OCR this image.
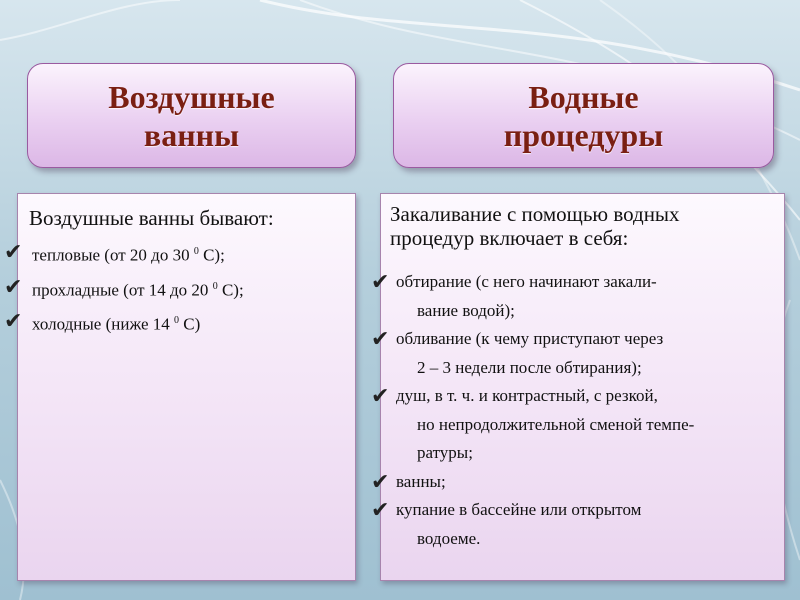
Воздушные
ванны
Водные
процедуры

Воздушные ванны бывают:

✔ тепловые (от 20 до 30 $^0$ С);
✔ прохладные (от 14 до 20 $^0$ С);
✔ холодные (ниже 14 $^0$ С)

Закаливание с помощью водных
процедур включает в себя:

✔ обтирание (с него начинают закали-
вание водой);
✔ обливание (к чему приступают через
2 – 3 недели после обтирания);
✔ душ, в т. ч. и контрастный, с резкой,
но непродолжительной сменой темпе-
ратуры;
✔ ванны;
✔ купание в бассейне или открытом
водоеме.
